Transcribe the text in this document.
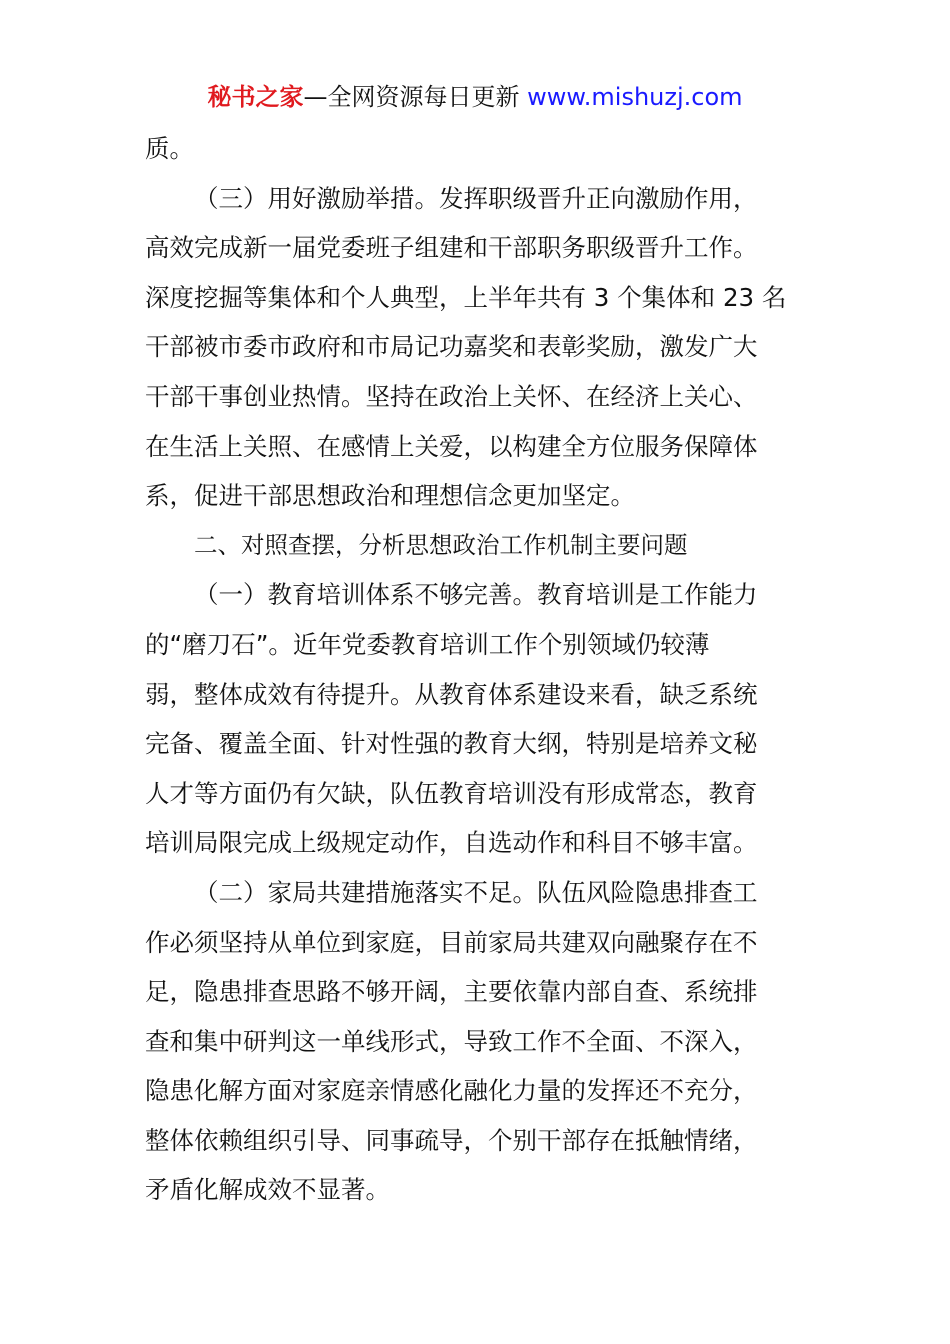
秘书之家—全网资源每日更新 www.mishuzj.com
质。
（三）用好激励举措。发挥职级晋升正向激励作用，
高效完成新一届党委班子组建和干部职务职级晋升工作。
深度挖掘等集体和个人典型，上半年共有 3 个集体和 23 名
干部被市委市政府和市局记功嘉奖和表彰奖励，激发广大
干部干事创业热情。坚持在政治上关怀、在经济上关心、
在生活上关照、在感情上关爱，以构建全方位服务保障体
系，促进干部思想政治和理想信念更加坚定。
二、对照查摆，分析思想政治工作机制主要问题
（一）教育培训体系不够完善。教育培训是工作能力
的“磨刀石”。近年党委教育培训工作个别领域仍较薄
弱，整体成效有待提升。从教育体系建设来看，缺乏系统
完备、覆盖全面、针对性强的教育大纲，特别是培养文秘
人才等方面仍有欠缺，队伍教育培训没有形成常态，教育
培训局限完成上级规定动作，自选动作和科目不够丰富。
（二）家局共建措施落实不足。队伍风险隐患排查工
作必须坚持从单位到家庭，目前家局共建双向融聚存在不
足，隐患排查思路不够开阔，主要依靠内部自查、系统排
查和集中研判这一单线形式，导致工作不全面、不深入，
隐患化解方面对家庭亲情感化融化力量的发挥还不充分，
整体依赖组织引导、同事疏导，个别干部存在抵触情绪，
矛盾化解成效不显著。
